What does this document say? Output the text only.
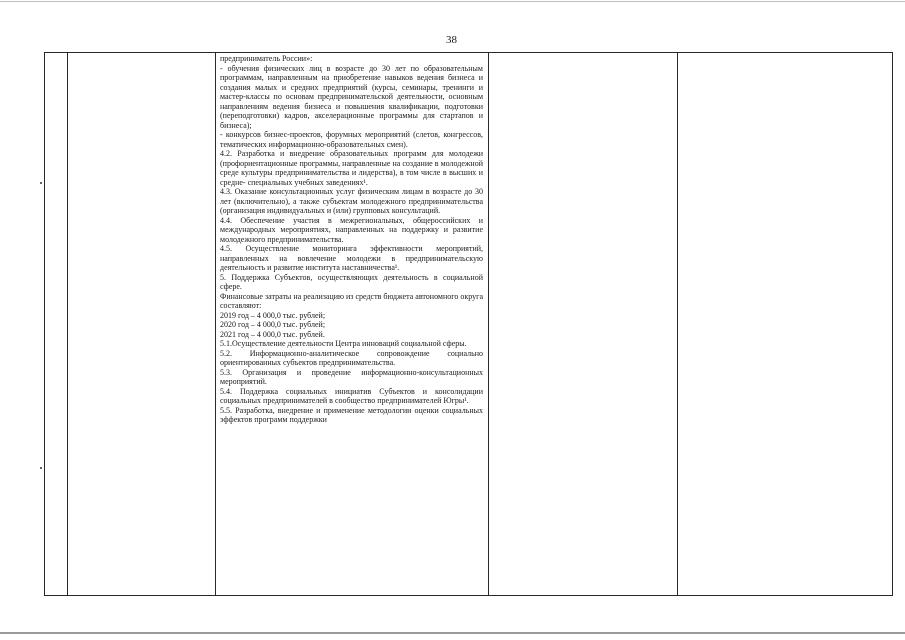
38

предприниматель России»:

- обучения физических лиц в возрасте до 30 лет по образовательным программам, направленным на приобретение навыков ведения бизнеса и создания малых и средних предприятий (курсы, семинары, тренинги и мастер-классы по основам предпринимательской деятельности, основным направлениям ведения бизнеса и повышения квалификации, подготовки (переподготовки) кадров, акселерационные программы для стартапов и бизнеса);

- конкурсов бизнес-проектов, форумных мероприятий (слетов, конгрессов, тематических информационно-образовательных смен).

4.2. Разработка и внедрение образовательных программ для молодежи (профориентационные программы, направленные на создание в молодежной среде культуры предпринимательства и лидерства), в том числе в высших и средне- специальных учебных заведениях¹.

4.3. Оказание консультационных услуг физическим лицам в возрасте до 30 лет (включительно), а также субъектам молодежного предпринимательства (организация индивидуальных и (или) групповых консультаций.

4.4. Обеспечение участия в межрегиональных, общероссийских и международных мероприятиях, направленных на поддержку и развитие молодежного предпринимательства.

4.5. Осуществление мониторинга эффективности мероприятий, направленных на вовлечение молодежи в предпринимательскую деятельность и развитие института наставничества¹.

5. Поддержка Субъектов, осуществляющих деятельность в социальной сфере.

Финансовые затраты на реализацию из средств бюджета автономного округа составляют:

2019 год – 4 000,0 тыс. рублей;

2020 год – 4 000,0 тыс. рублей;

2021 год – 4 000,0 тыс. рублей.

5.1.Осуществление деятельности Центра инноваций социальной сферы.

5.2. Информационно-аналитическое сопровождение социально ориентированных субъектов предпринимательства.

5.3. Организация и проведение информационно-консультационных мероприятий.

5.4. Поддержка социальных инициатив Субъектов и консолидации социальных предпринимателей в сообщество предпринимателей Югры¹.

5.5. Разработка, внедрение и применение методологии оценки социальных эффектов программ поддержки
